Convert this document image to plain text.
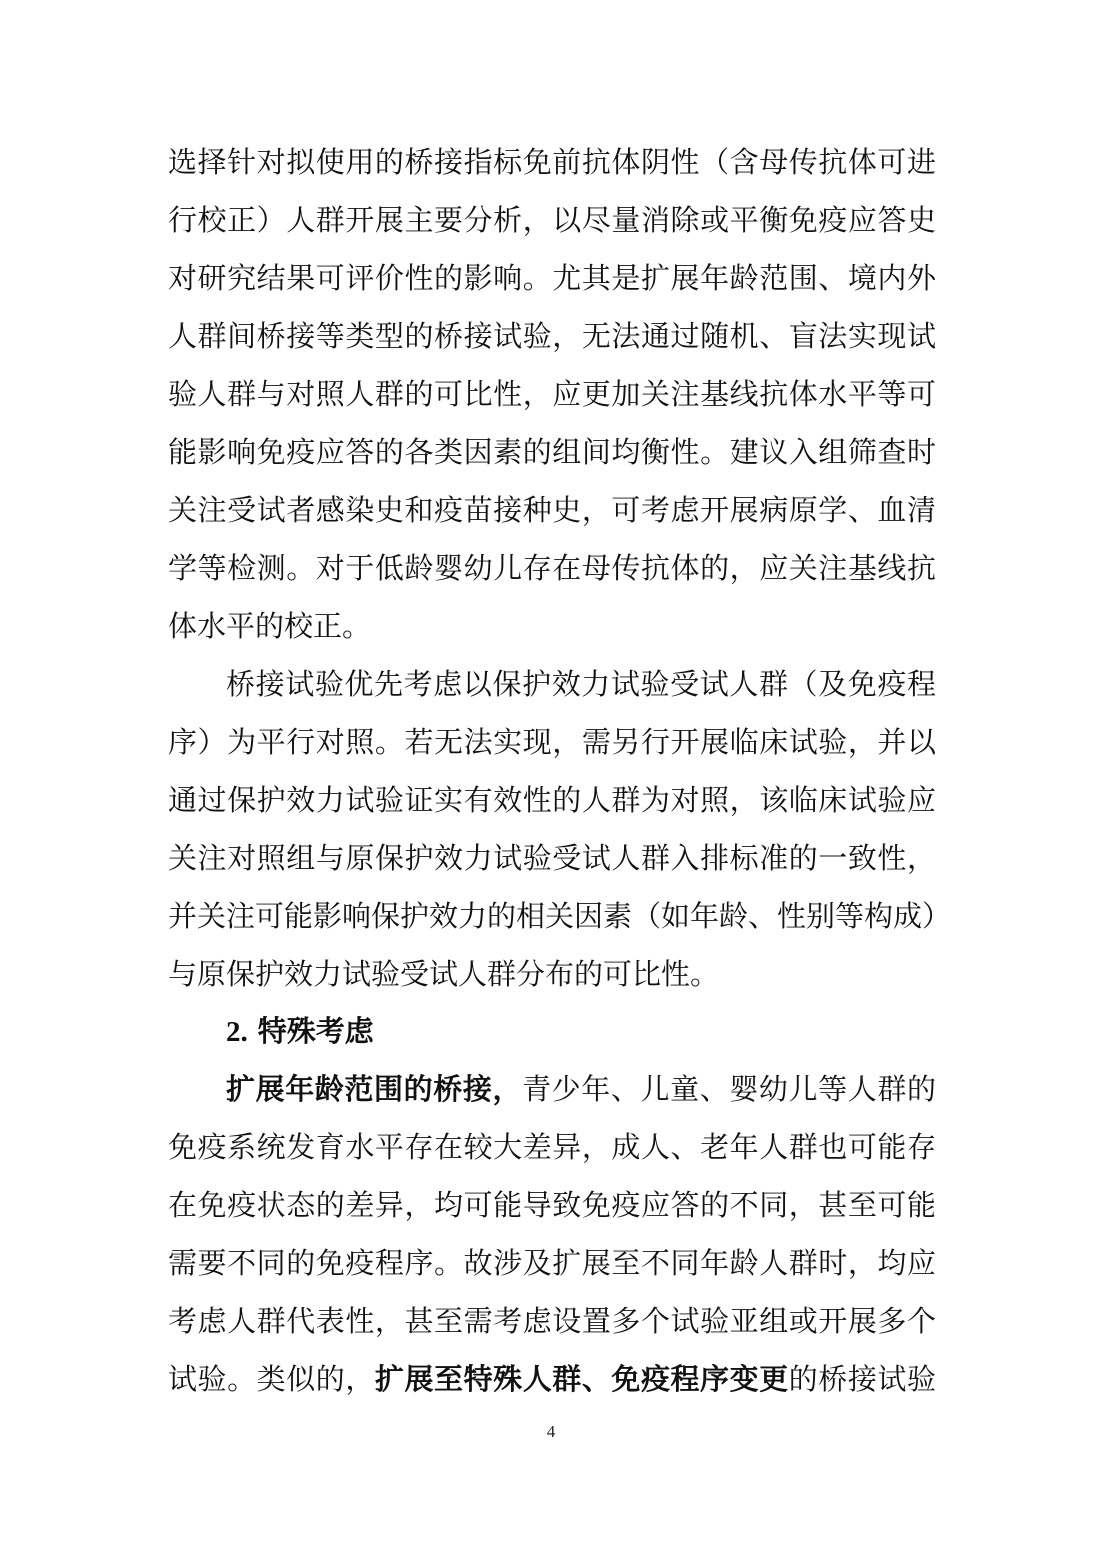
选择针对拟使用的桥接指标免前抗体阴性（含母传抗体可进
行校正）人群开展主要分析，以尽量消除或平衡免疫应答史
对研究结果可评价性的影响。尤其是扩展年龄范围、境内外
人群间桥接等类型的桥接试验，无法通过随机、盲法实现试
验人群与对照人群的可比性，应更加关注基线抗体水平等可
能影响免疫应答的各类因素的组间均衡性。建议入组筛查时
关注受试者感染史和疫苗接种史，可考虑开展病原学、血清
学等检测。对于低龄婴幼儿存在母传抗体的，应关注基线抗
体水平的校正。
桥接试验优先考虑以保护效力试验受试人群（及免疫程
序）为平行对照。若无法实现，需另行开展临床试验，并以
通过保护效力试验证实有效性的人群为对照，该临床试验应
关注对照组与原保护效力试验受试人群入排标准的一致性，
并关注可能影响保护效力的相关因素（如年龄、性别等构成）
与原保护效力试验受试人群分布的可比性。
2. 特殊考虑
扩展年龄范围的桥接，青少年、儿童、婴幼儿等人群的
免疫系统发育水平存在较大差异，成人、老年人群也可能存
在免疫状态的差异，均可能导致免疫应答的不同，甚至可能
需要不同的免疫程序。故涉及扩展至不同年龄人群时，均应
考虑人群代表性，甚至需考虑设置多个试验亚组或开展多个
试验。类似的，扩展至特殊人群、免疫程序变更的桥接试验
4
